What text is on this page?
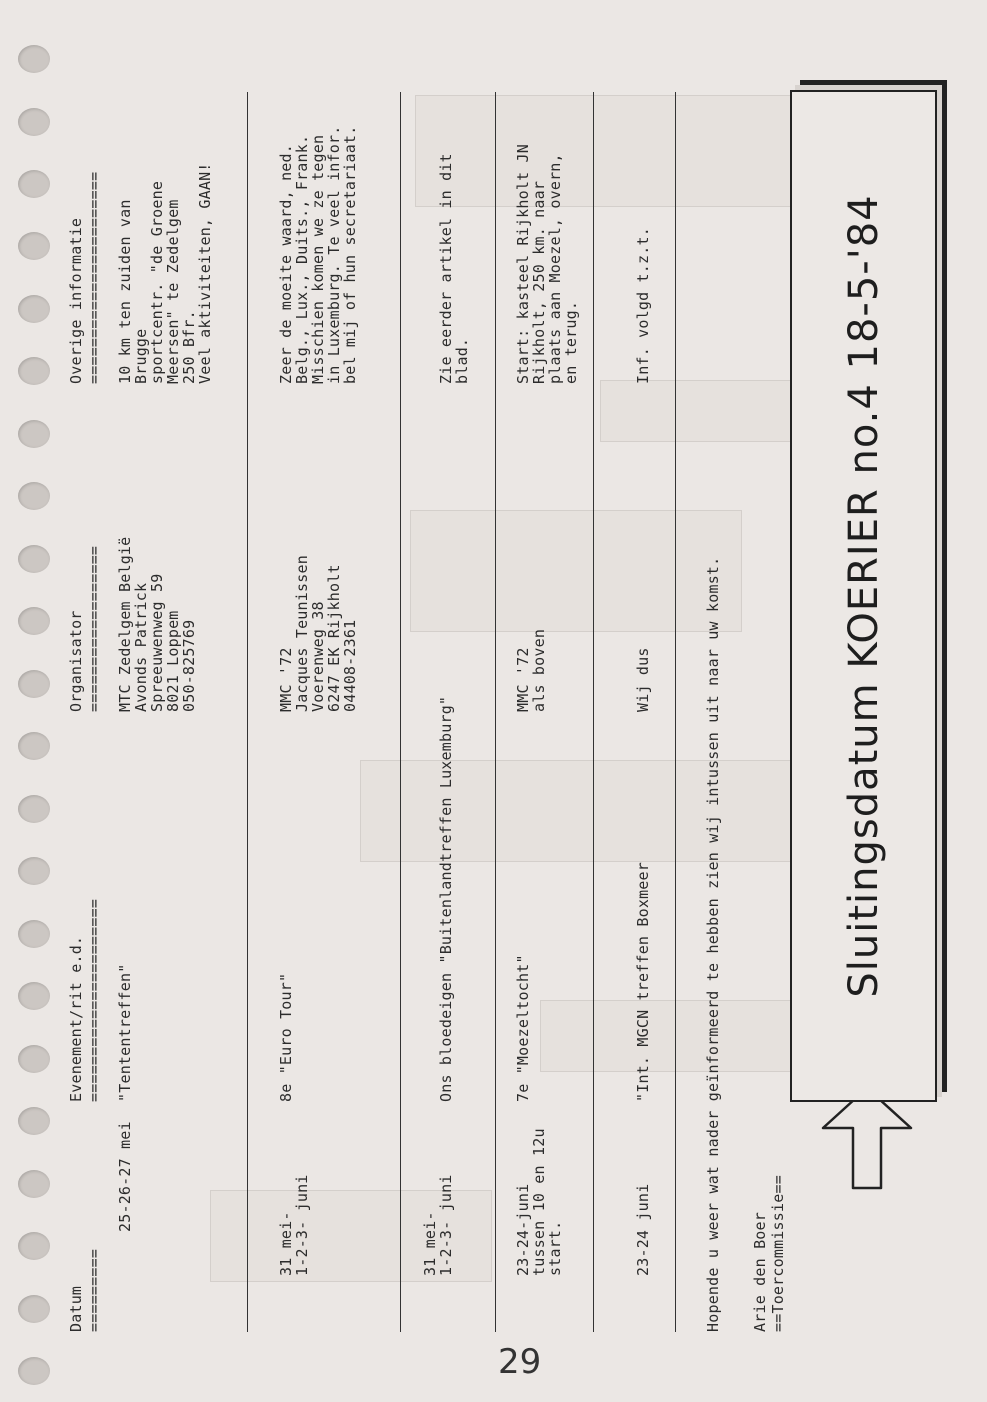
29
Datum
Evenement/rit e.d.
Organisator
Overige informatie
=========
======================
==================
=======================
25-26-27 mei
"Tententreffen"
MTC Zedelgem België
Avonds Patrick
Spreeuwenweg 59
8021 Loppem
050-825769
10 km ten zuiden van
Brugge
sportcentr. "de Groene
Meersen" te Zedelgem
250 Bfr.
Veel aktiviteiten, GAAN!
31 mei-
1-2-3- juni
8e "Euro Tour"
MMC '72
Jacques Teunissen
Voerenweg 38
6247 EK Rijkholt
04408-2361
Zeer de moeite waard, ned.
Belg., Lux., Duits., Frank.
Misschien komen we ze tegen
in Luxemburg. Te veel infor.
bel mij of hun secretariaat.
31 mei-
1-2-3- juni
Ons bloedeigen "Buitenlandtreffen Luxemburg"
Zie eerder artikel in dit
blad.
23-24-juni
tussen 10 en 12u
start.
7e "Moezeltocht"
MMC '72
als boven
Start: kasteel Rijkholt JN
Rijkholt, 250 km. naar
plaats aan Moezel, overn,
en terug.
23-24 juni
"Int. MGCN treffen Boxmeer
Wij dus
Inf. volgd t.z.t.
Hopende u weer wat nader geïnformeerd te hebben zien wij intussen uit naar uw komst. Arie den Boer ==Toercommissie==
Sluitingsdatum KOERIER no.4 18-5-'84
